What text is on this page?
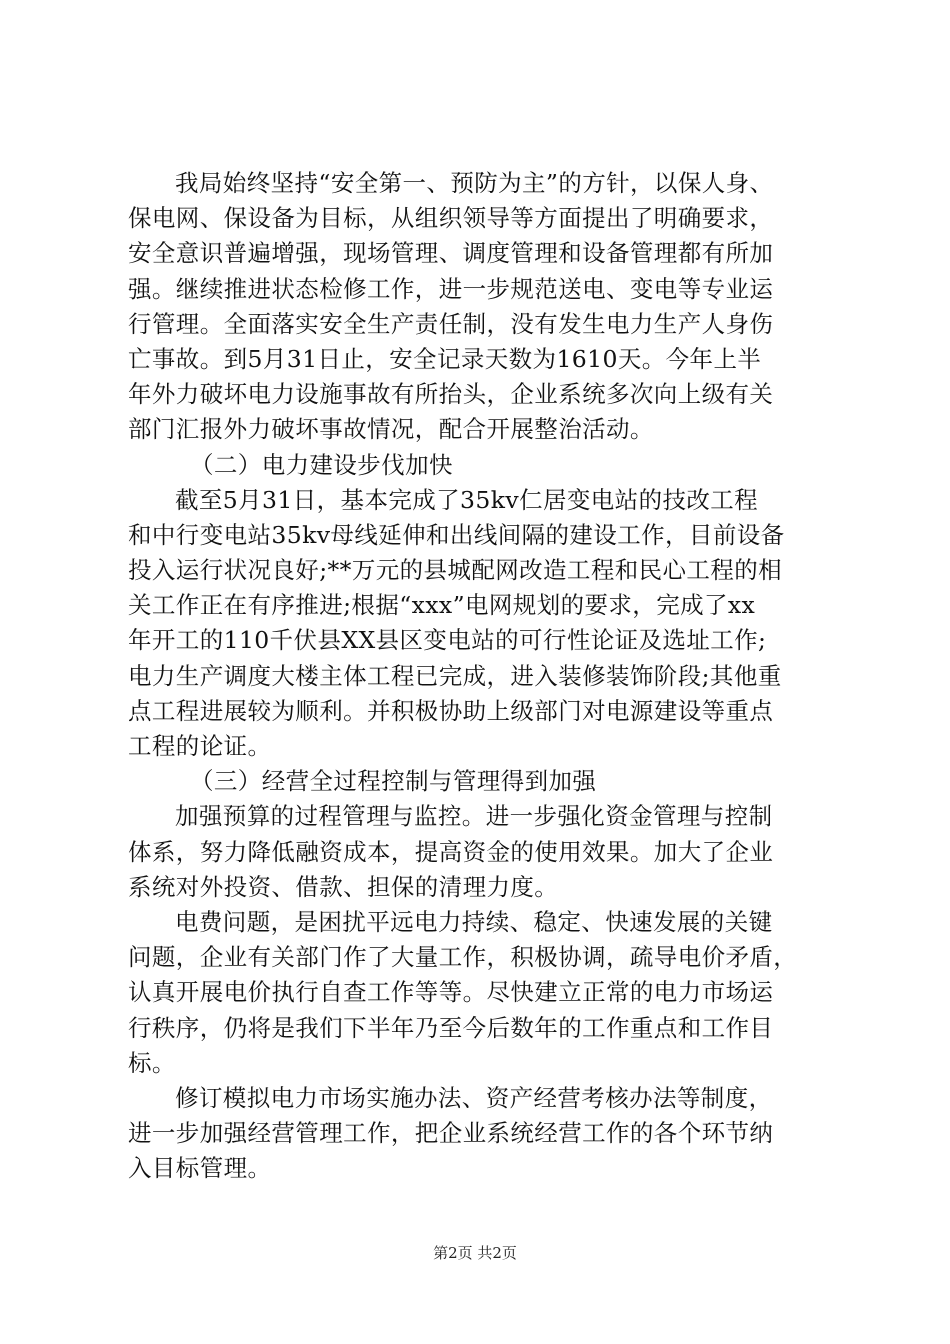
我局始终坚持“安全第一、预防为主”的方针，以保人身、
保电网、保设备为目标，从组织领导等方面提出了明确要求，
安全意识普遍增强，现场管理、调度管理和设备管理都有所加
强。继续推进状态检修工作，进一步规范送电、变电等专业运
行管理。全面落实安全生产责任制，没有发生电力生产人身伤
亡事故。到5月31日止，安全记录天数为1610天。今年上半
年外力破坏电力设施事故有所抬头，企业系统多次向上级有关
部门汇报外力破坏事故情况，配合开展整治活动。
（二）电力建设步伐加快
截至5月31日，基本完成了35kv仁居变电站的技改工程
和中行变电站35kv母线延伸和出线间隔的建设工作，目前设备
投入运行状况良好;**万元的县城配网改造工程和民心工程的相
关工作正在有序推进;根据“xxx”电网规划的要求，完成了xx
年开工的110千伏县XX县区变电站的可行性论证及选址工作;
电力生产调度大楼主体工程已完成，进入装修装饰阶段;其他重
点工程进展较为顺利。并积极协助上级部门对电源建设等重点
工程的论证。
（三）经营全过程控制与管理得到加强
加强预算的过程管理与监控。进一步强化资金管理与控制
体系，努力降低融资成本，提高资金的使用效果。加大了企业
系统对外投资、借款、担保的清理力度。
电费问题，是困扰平远电力持续、稳定、快速发展的关键
问题，企业有关部门作了大量工作，积极协调，疏导电价矛盾，
认真开展电价执行自查工作等等。尽快建立正常的电力市场运
行秩序，仍将是我们下半年乃至今后数年的工作重点和工作目
标。
修订模拟电力市场实施办法、资产经营考核办法等制度，
进一步加强经营管理工作，把企业系统经营工作的各个环节纳
入目标管理。
第2页 共2页
